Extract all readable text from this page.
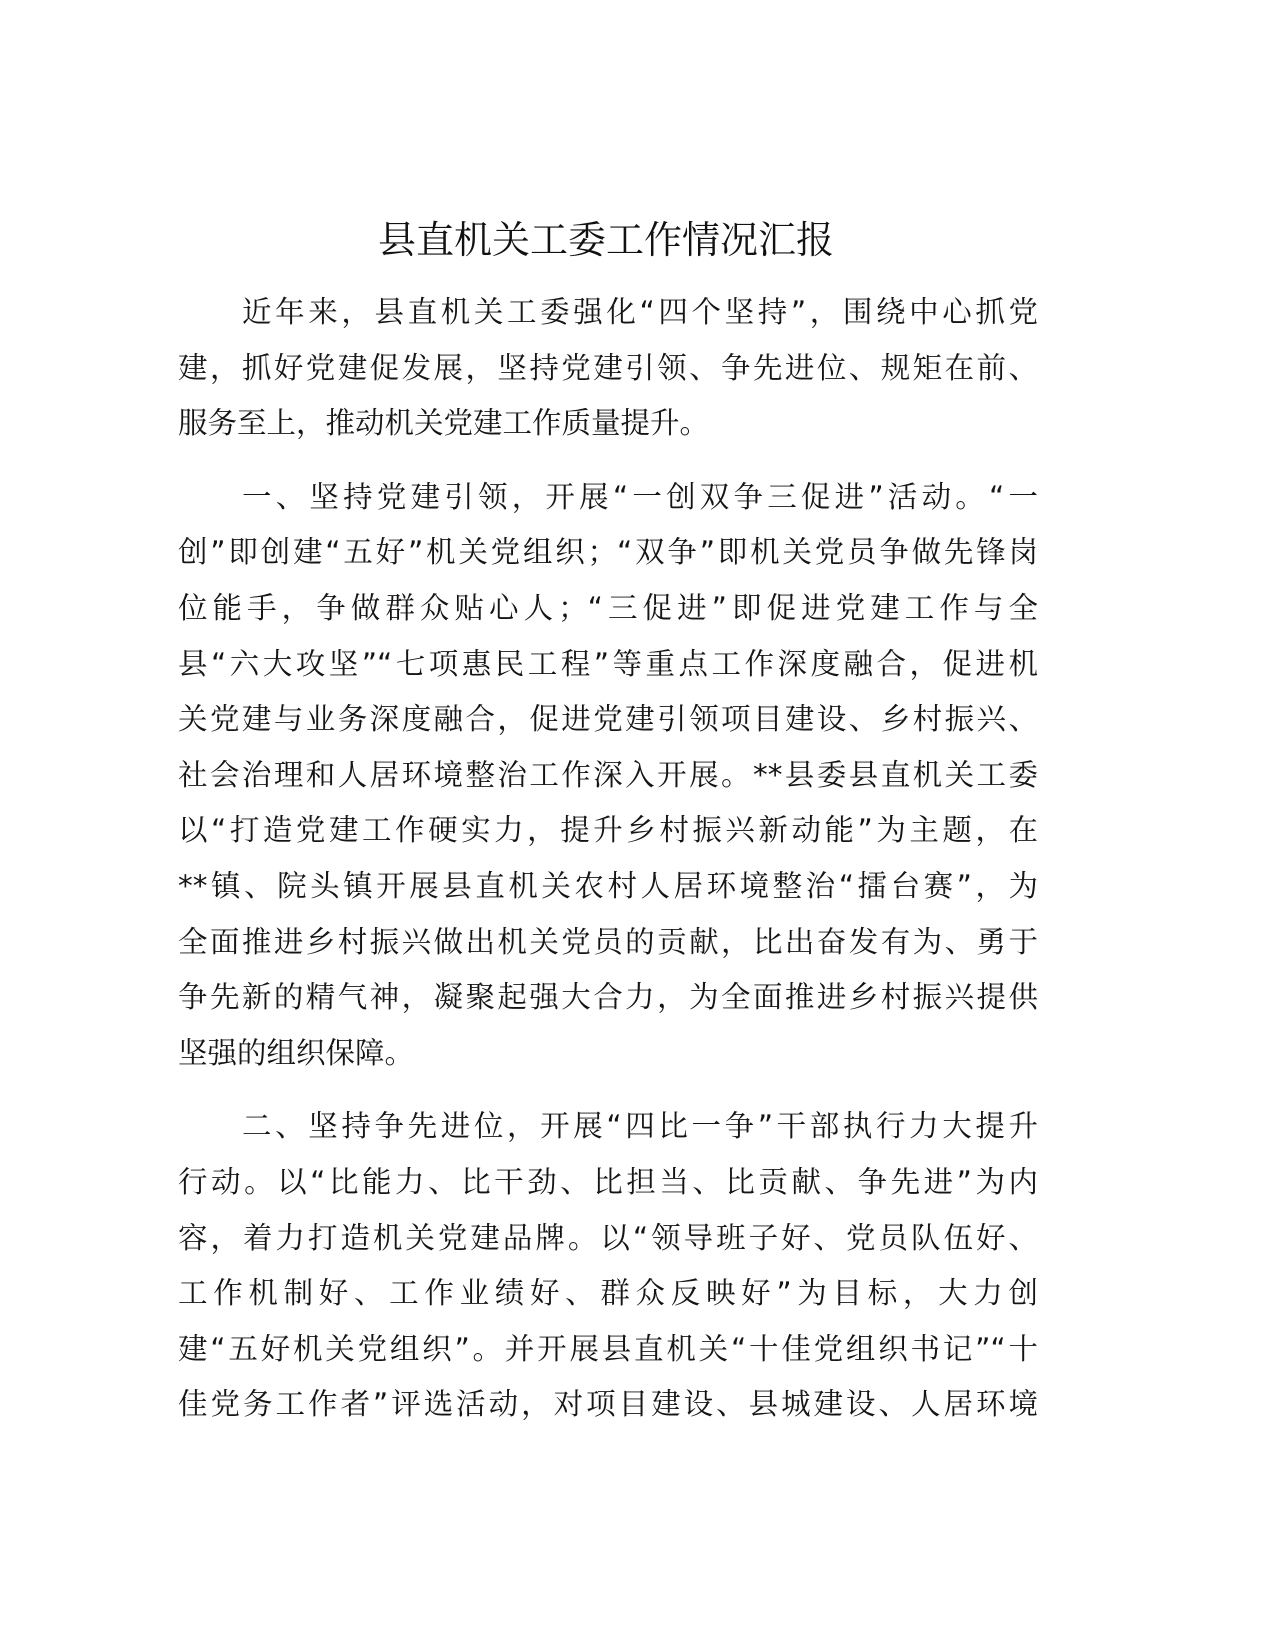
县直机关工委工作情况汇报

近年来，县直机关工委强化“四个坚持”，围绕中心抓党
建，抓好党建促发展，坚持党建引领、争先进位、规矩在前、
服务至上，推动机关党建工作质量提升。

一、坚持党建引领，开展“一创双争三促进”活动。“一
创”即创建“五好”机关党组织；“双争”即机关党员争做先锋岗
位能手，争做群众贴心人；“三促进”即促进党建工作与全
县“六大攻坚”“七项惠民工程”等重点工作深度融合，促进机
关党建与业务深度融合，促进党建引领项目建设、乡村振兴、
社会治理和人居环境整治工作深入开展。**县委县直机关工委
以“打造党建工作硬实力，提升乡村振兴新动能”为主题，在
**镇、院头镇开展县直机关农村人居环境整治“擂台赛”，为
全面推进乡村振兴做出机关党员的贡献，比出奋发有为、勇于
争先新的精气神，凝聚起强大合力，为全面推进乡村振兴提供
坚强的组织保障。

二、坚持争先进位，开展“四比一争”干部执行力大提升
行动。以“比能力、比干劲、比担当、比贡献、争先进”为内
容，着力打造机关党建品牌。以“领导班子好、党员队伍好、
工作机制好、工作业绩好、群众反映好”为目标，大力创
建“五好机关党组织”。并开展县直机关“十佳党组织书记”“十
佳党务工作者”评选活动，对项目建设、县城建设、人居环境
